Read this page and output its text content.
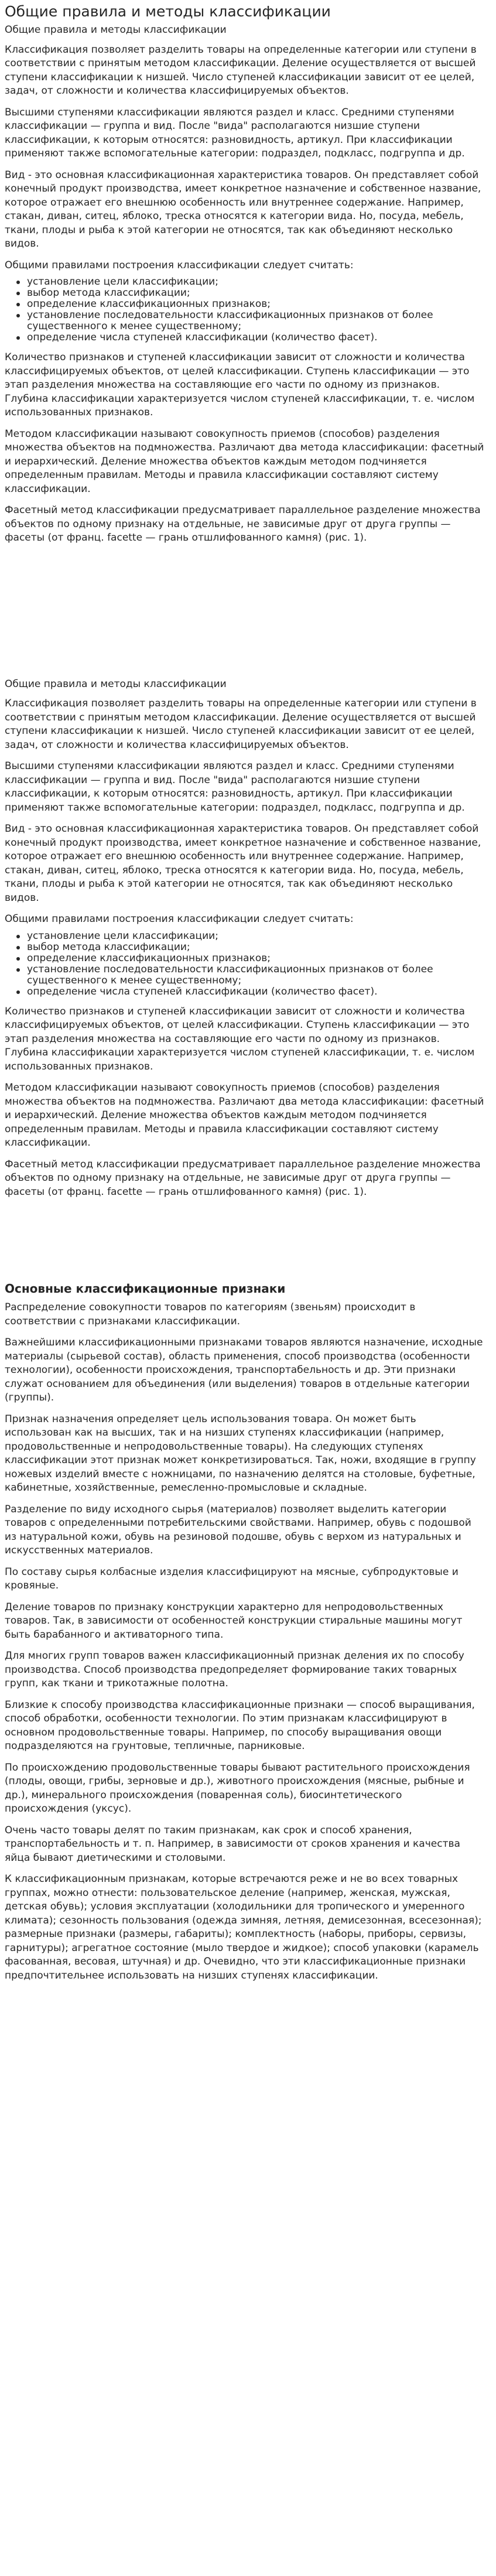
Общие правила и методы классификации
Общие правила и методы классификации

Классификация позволяет разделить товары на определенные категории или ступени в соответствии с принятым методом классификации. Деление осуществляется от высшей ступени классификации к низшей. Число ступеней классификации зависит от ее целей, задач, от сложности и количества классифицируемых объектов.

Высшими ступенями классификации являются раздел и класс. Средними ступенями классификации — группа и вид. После "вида" располагаются низшие ступени классификации, к которым относятся: разновидность, артикул. При классификации применяют также вспомогательные категории: подраздел, подкласс, подгруппа и др.

Вид - это основная классификационная характеристика товаров. Он представляет собой конечный продукт производства, имеет конкретное назначение и собственное название, которое отражает его внешнюю особенность или внутреннее содержание. Например, стакан, диван, ситец, яблоко, треска относятся к категории вида. Но, посуда, мебель, ткани, плоды и рыба к этой категории не относятся, так как объединяют несколько видов.

Общими правилами построения классификации следует считать:

установление цели классификации;
выбор метода классификации;
определение классификационных признаков;
установление последовательности классификационных признаков от более существенного к менее существенному;
определение числа ступеней классификации (количество фасет).

Количество признаков и ступеней классификации зависит от сложности и количества классифицируемых объектов, от целей классификации. Ступень классификации — это этап разделения множества на составляющие его части по одному из признаков. Глубина классификации характеризуется числом ступеней классификации, т. е. числом использованных признаков.

Методом классификации называют совокупность приемов (способов) разделения множества объектов на подмножества. Различают два метода классификации: фасетный и иерархический. Деление множества объектов каждым методом подчиняется определенным правилам. Методы и правила классификации составляют систему классификации.

Фасетный метод классификации предусматривает параллельное разделение множества объектов по одному признаку на отдельные, не зависимые друг от друга группы — фасеты (от франц. facette — грань отшлифованного камня) (рис. 1).

Общие правила и методы классификации

Классификация позволяет разделить товары на определенные категории или ступени в соответствии с принятым методом классификации. Деление осуществляется от высшей ступени классификации к низшей. Число ступеней классификации зависит от ее целей, задач, от сложности и количества классифицируемых объектов.

Высшими ступенями классификации являются раздел и класс. Средними ступенями классификации — группа и вид. После "вида" располагаются низшие ступени классификации, к которым относятся: разновидность, артикул. При классификации применяют также вспомогательные категории: подраздел, подкласс, подгруппа и др.

Вид - это основная классификационная характеристика товаров. Он представляет собой конечный продукт производства, имеет конкретное назначение и собственное название, которое отражает его внешнюю особенность или внутреннее содержание. Например, стакан, диван, ситец, яблоко, треска относятся к категории вида. Но, посуда, мебель, ткани, плоды и рыба к этой категории не относятся, так как объединяют несколько видов.

Общими правилами построения классификации следует считать:

установление цели классификации;
выбор метода классификации;
определение классификационных признаков;
установление последовательности классификационных признаков от более существенного к менее существенному;
определение числа ступеней классификации (количество фасет).

Количество признаков и ступеней классификации зависит от сложности и количества классифицируемых объектов, от целей классификации. Ступень классификации — это этап разделения множества на составляющие его части по одному из признаков. Глубина классификации характеризуется числом ступеней классификации, т. е. числом использованных признаков.

Методом классификации называют совокупность приемов (способов) разделения множества объектов на подмножества. Различают два метода классификации: фасетный и иерархический. Деление множества объектов каждым методом подчиняется определенным правилам. Методы и правила классификации составляют систему классификации.

Фасетный метод классификации предусматривает параллельное разделение множества объектов по одному признаку на отдельные, не зависимые друг от друга группы — фасеты (от франц. facette — грань отшлифованного камня) (рис. 1).

Основные классификационные признаки

Распределение совокупности товаров по категориям (звеньям) происходит в соответствии с признаками классификации.

Важнейшими классификационными признаками товаров являются назначение, исходные материалы (сырьевой состав), область применения, способ производства (особенности технологии), особенности происхождения, транспортабельность и др. Эти признаки служат основанием для объединения (или выделения) товаров в отдельные категории (группы).

Признак назначения определяет цель использования товара. Он может быть использован как на высших, так и на низших ступенях классификации (например, продовольственные и непродовольственные товары). На следующих ступенях классификации этот признак может конкретизироваться. Так, ножи, входящие в группу ножевых изделий вместе с ножницами, по назначению делятся на столовые, буфетные, кабинетные, хозяйственные, ремесленно-промысловые и складные.

Разделение по виду исходного сырья (материалов) позволяет выделить категории товаров с определенными потребительскими свойствами. Например, обувь с подошвой из натуральной кожи, обувь на резиновой подошве, обувь с верхом из натуральных и искусственных материалов.

По составу сырья колбасные изделия классифицируют на мясные, субпродуктовые и кровяные.

Деление товаров по признаку конструкции характерно для непродовольственных товаров. Так, в зависимости от особенностей конструкции стиральные машины могут быть барабанного и активаторного типа.

Для многих групп товаров важен классификационный признак деления их по способу производства. Способ производства предопределяет формирование таких товарных групп, как ткани и трикотажные полотна.

Близкие к способу производства классификационные признаки — способ выращивания, способ обработки, особенности технологии. По этим признакам классифицируют в основном продовольственные товары. Например, по способу выращивания овощи подразделяются на грунтовые, тепличные, парниковые.

По происхождению продовольственные товары бывают растительного происхождения (плоды, овощи, грибы, зерновые и др.), животного происхождения (мясные, рыбные и др.), минерального происхождения (поваренная соль), биосинтетического происхождения (уксус).

Очень часто товары делят по таким признакам, как срок и способ хранения, транспортабельность и т. п. Например, в зависимости от сроков хранения и качества яйца бывают диетическими и столовыми.

К классификационным признакам, которые встречаются реже и не во всех товарных группах, можно отнести: пользовательское деление (например, женская, мужская, детская обувь); условия эксплуатации (холодильники для тропического и умеренного климата); сезонность пользования (одежда зимняя, летняя, демисезонная, всесезонная); размерные признаки (размеры, габариты); комплектность (наборы, приборы, сервизы, гарнитуры); агрегатное состояние (мыло твердое и жидкое); способ упаковки (карамель фасованная, весовая, штучная) и др. Очевидно, что эти классификационные признаки предпочтительнее использовать на низших ступенях классификации.
